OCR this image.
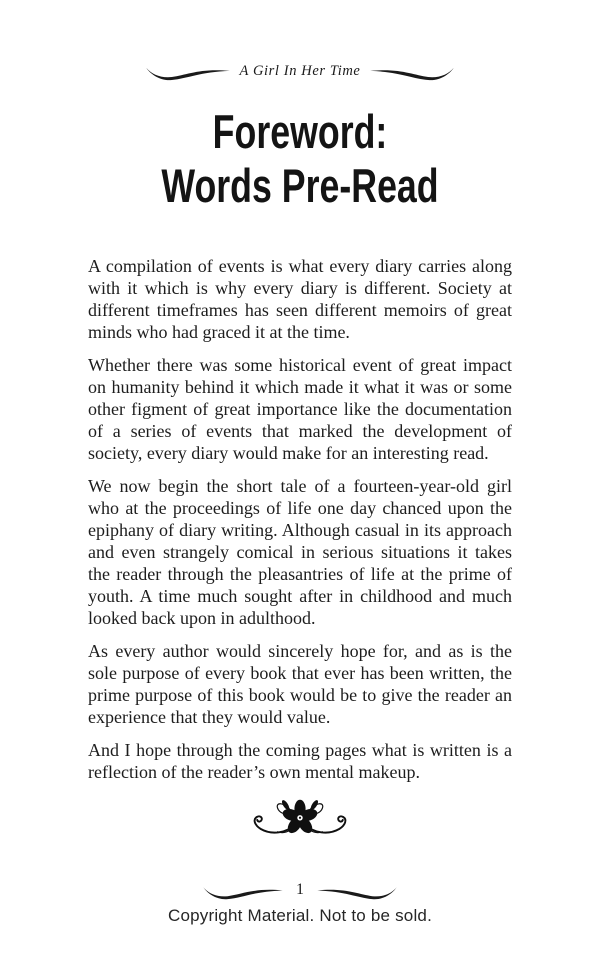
A Girl In Her Time
Foreword:
Words Pre-Read

A compilation of events is what every diary carries along with it which is why every diary is different. Society at different timeframes has seen different memoirs of great minds who had graced it at the time.

Whether there was some historical event of great impact on humanity behind it which made it what it was or some other figment of great importance like the documentation of a series of events that marked the development of society, every diary would make for an interesting read.

We now begin the short tale of a fourteen-year-old girl who at the proceedings of life one day chanced upon the epiphany of diary writing. Although casual in its approach and even strangely comical in serious situations it takes the reader through the pleasantries of life at the prime of youth. A time much sought after in childhood and much looked back upon in adulthood.

As every author would sincerely hope for, and as is the sole purpose of every book that ever has been written, the prime purpose of this book would be to give the reader an experience that they would value.

And I hope through the coming pages what is written is a reflection of the reader’s own mental makeup.

1
Copyright Material. Not to be sold.
